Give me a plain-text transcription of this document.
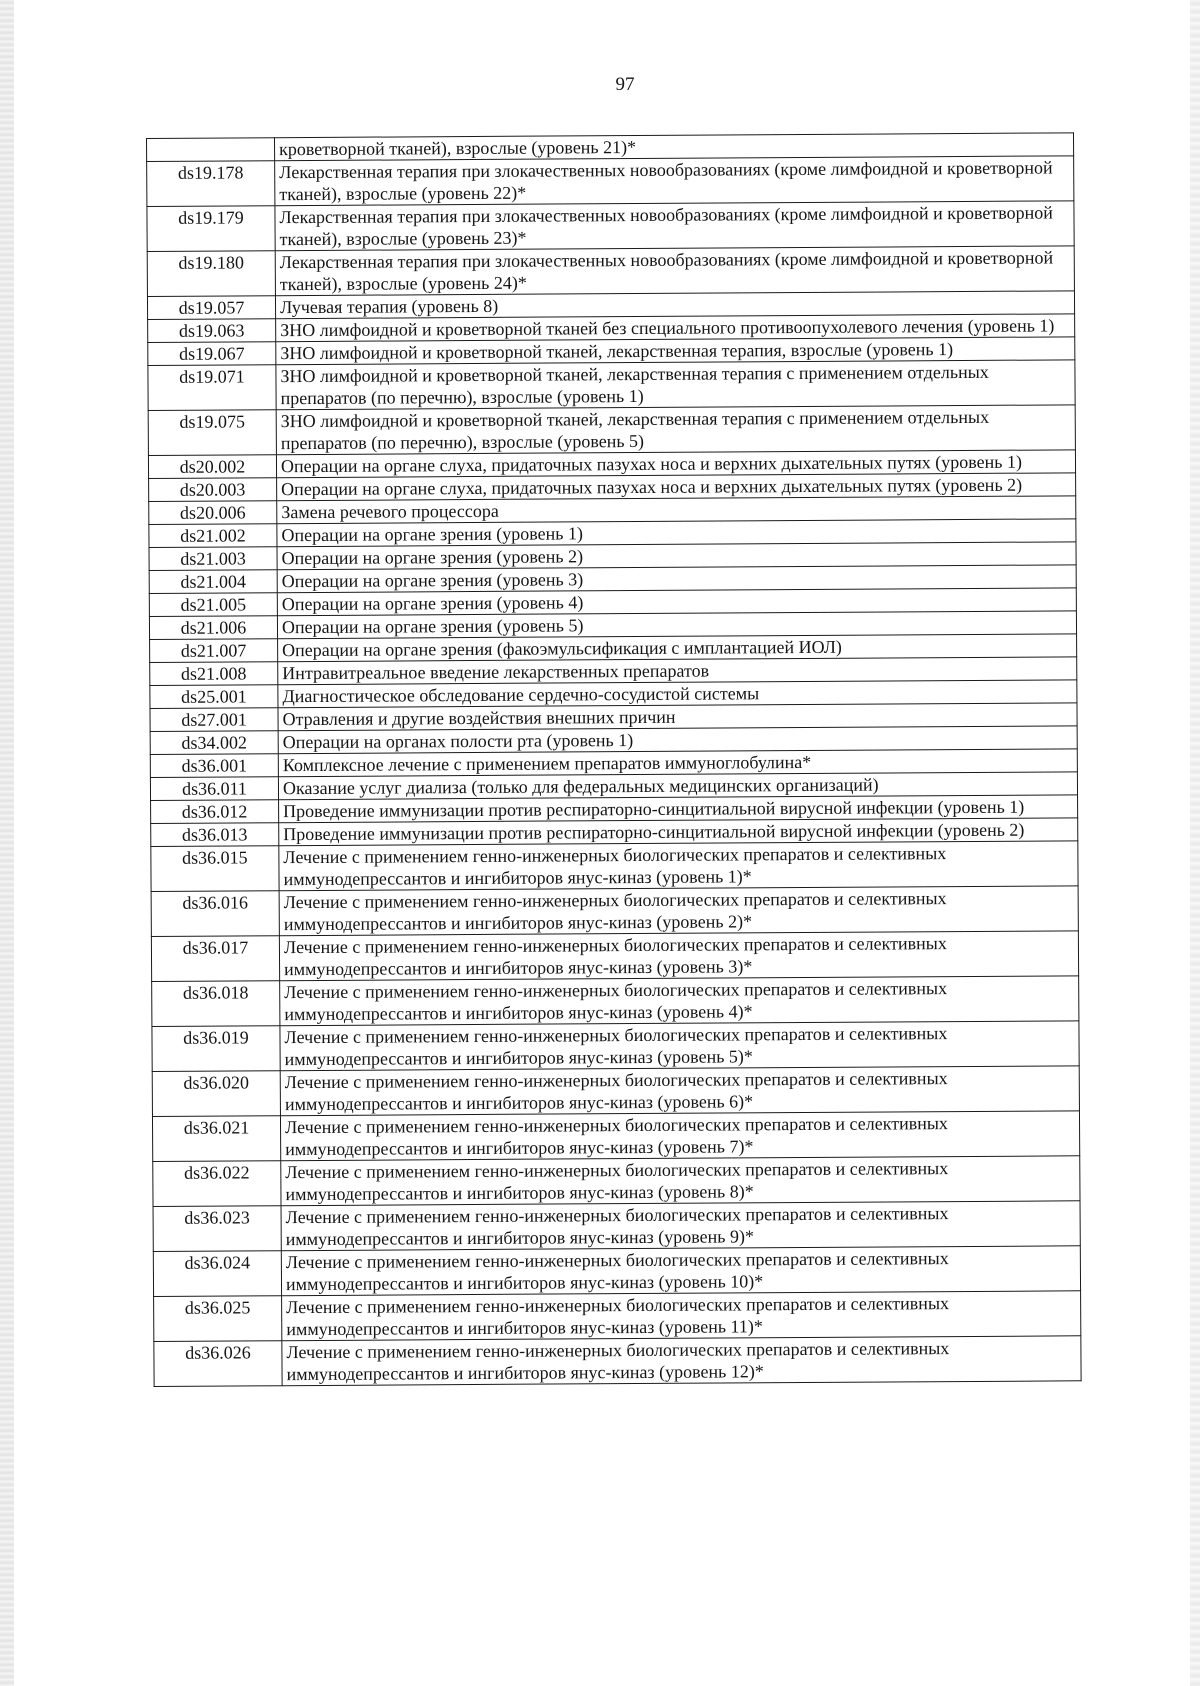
97
	кроветворной тканей), взрослые (уровень 21)*
ds19.178	Лекарственная терапия при злокачественных новообразованиях (кроме лимфоидной и кроветворной тканей), взрослые (уровень 22)*
ds19.179	Лекарственная терапия при злокачественных новообразованиях (кроме лимфоидной и кроветворной тканей), взрослые (уровень 23)*
ds19.180	Лекарственная терапия при злокачественных новообразованиях (кроме лимфоидной и кроветворной тканей), взрослые (уровень 24)*
ds19.057	Лучевая терапия (уровень 8)
ds19.063	ЗНО лимфоидной и кроветворной тканей без специального противоопухолевого лечения (уровень 1)
ds19.067	ЗНО лимфоидной и кроветворной тканей, лекарственная терапия, взрослые (уровень 1)
ds19.071	ЗНО лимфоидной и кроветворной тканей, лекарственная терапия с применением отдельных препаратов (по перечню), взрослые (уровень 1)
ds19.075	ЗНО лимфоидной и кроветворной тканей, лекарственная терапия с применением отдельных препаратов (по перечню), взрослые (уровень 5)
ds20.002	Операции на органе слуха, придаточных пазухах носа и верхних дыхательных путях (уровень 1)
ds20.003	Операции на органе слуха, придаточных пазухах носа и верхних дыхательных путях (уровень 2)
ds20.006	Замена речевого процессора
ds21.002	Операции на органе зрения (уровень 1)
ds21.003	Операции на органе зрения (уровень 2)
ds21.004	Операции на органе зрения (уровень 3)
ds21.005	Операции на органе зрения (уровень 4)
ds21.006	Операции на органе зрения (уровень 5)
ds21.007	Операции на органе зрения (факоэмульсификация с имплантацией ИОЛ)
ds21.008	Интравитреальное введение лекарственных препаратов
ds25.001	Диагностическое обследование сердечно-сосудистой системы
ds27.001	Отравления и другие воздействия внешних причин
ds34.002	Операции на органах полости рта (уровень 1)
ds36.001	Комплексное лечение с применением препаратов иммуноглобулина*
ds36.011	Оказание услуг диализа (только для федеральных медицинских организаций)
ds36.012	Проведение иммунизации против респираторно-синцитиальной вирусной инфекции (уровень 1)
ds36.013	Проведение иммунизации против респираторно-синцитиальной вирусной инфекции (уровень 2)
ds36.015	Лечение с применением генно-инженерных биологических препаратов и селективных иммунодепрессантов и ингибиторов янус-киназ (уровень 1)*
ds36.016	Лечение с применением генно-инженерных биологических препаратов и селективных иммунодепрессантов и ингибиторов янус-киназ (уровень 2)*
ds36.017	Лечение с применением генно-инженерных биологических препаратов и селективных иммунодепрессантов и ингибиторов янус-киназ (уровень 3)*
ds36.018	Лечение с применением генно-инженерных биологических препаратов и селективных иммунодепрессантов и ингибиторов янус-киназ (уровень 4)*
ds36.019	Лечение с применением генно-инженерных биологических препаратов и селективных иммунодепрессантов и ингибиторов янус-киназ (уровень 5)*
ds36.020	Лечение с применением генно-инженерных биологических препаратов и селективных иммунодепрессантов и ингибиторов янус-киназ (уровень 6)*
ds36.021	Лечение с применением генно-инженерных биологических препаратов и селективных иммунодепрессантов и ингибиторов янус-киназ (уровень 7)*
ds36.022	Лечение с применением генно-инженерных биологических препаратов и селективных иммунодепрессантов и ингибиторов янус-киназ (уровень 8)*
ds36.023	Лечение с применением генно-инженерных биологических препаратов и селективных иммунодепрессантов и ингибиторов янус-киназ (уровень 9)*
ds36.024	Лечение с применением генно-инженерных биологических препаратов и селективных иммунодепрессантов и ингибиторов янус-киназ (уровень 10)*
ds36.025	Лечение с применением генно-инженерных биологических препаратов и селективных иммунодепрессантов и ингибиторов янус-киназ (уровень 11)*
ds36.026	Лечение с применением генно-инженерных биологических препаратов и селективных иммунодепрессантов и ингибиторов янус-киназ (уровень 12)*
